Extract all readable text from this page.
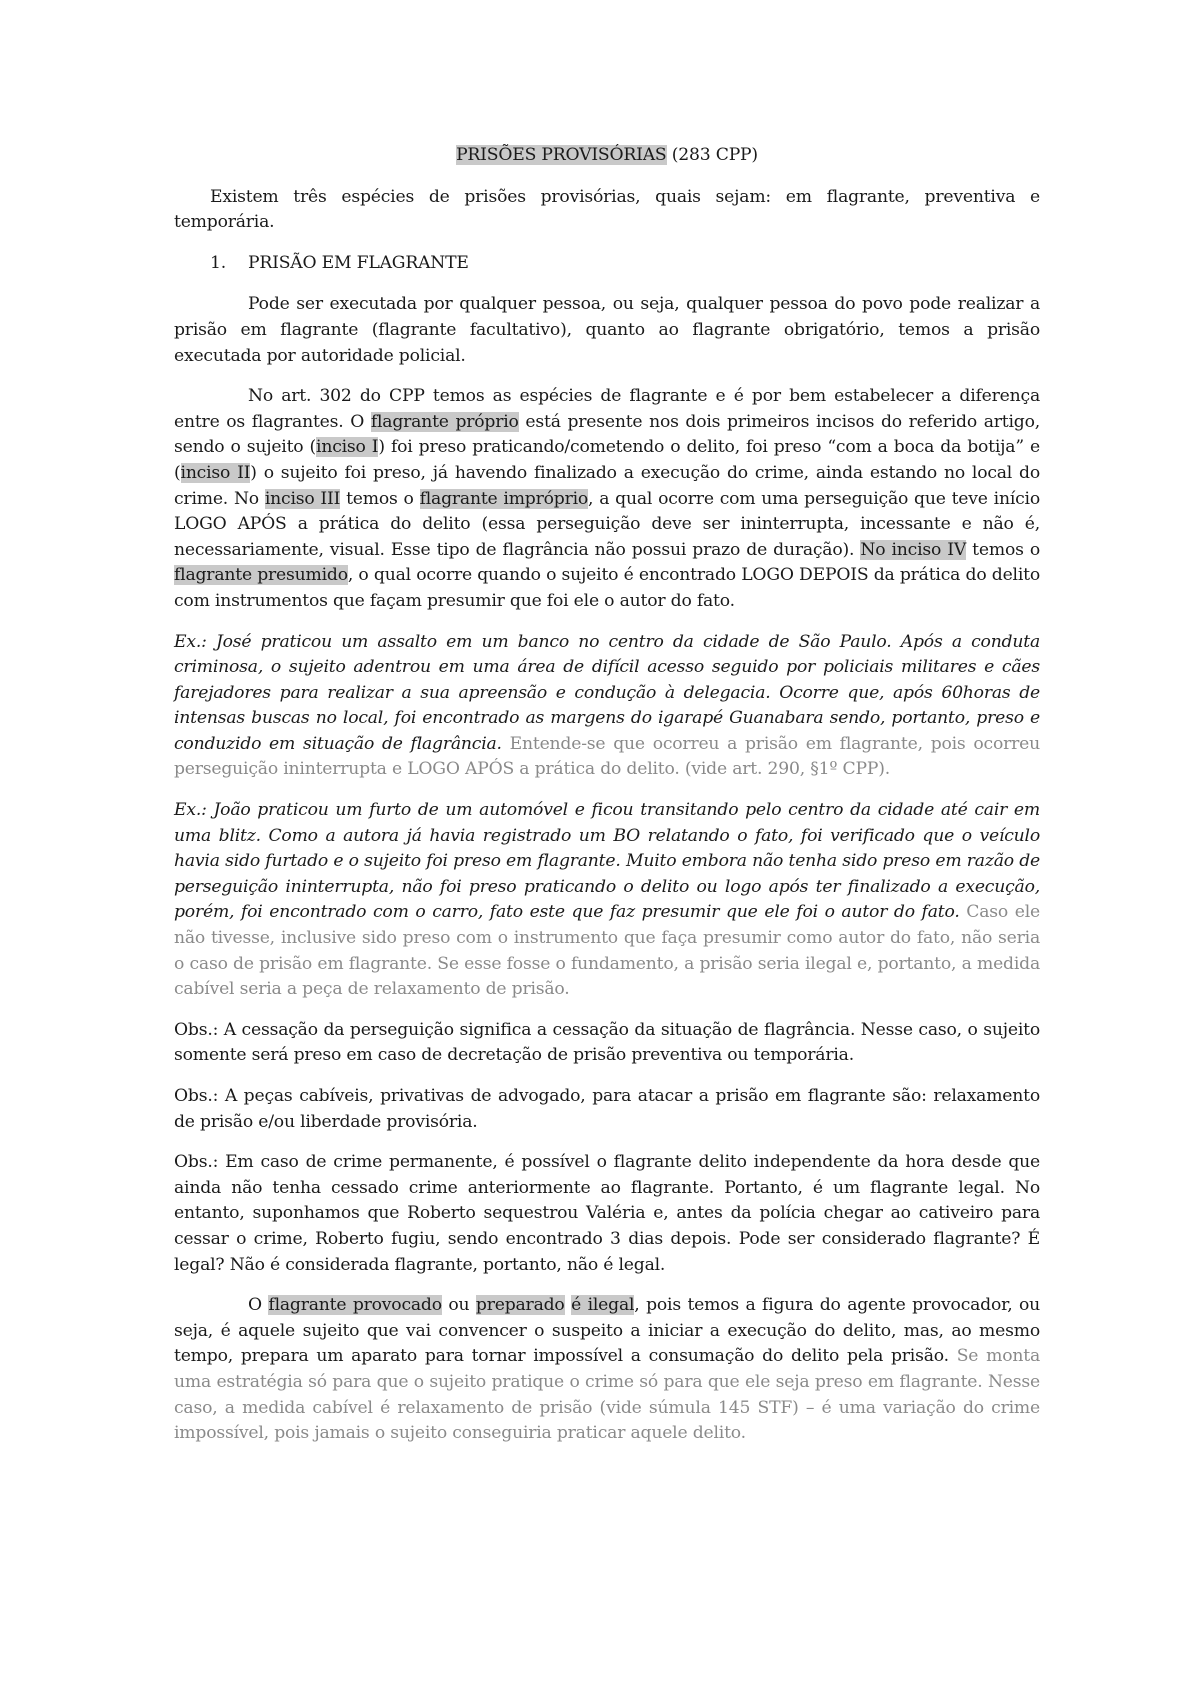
PRISÕES PROVISÓRIAS (283 CPP)

Existem três espécies de prisões provisórias, quais sejam: em flagrante, preventiva e temporária.

1.	PRISÃO EM FLAGRANTE

Pode ser executada por qualquer pessoa, ou seja, qualquer pessoa do povo pode realizar a prisão em flagrante (flagrante facultativo), quanto ao flagrante obrigatório, temos a prisão executada por autoridade policial.

No art. 302 do CPP temos as espécies de flagrante e é por bem estabelecer a diferença entre os flagrantes. O flagrante próprio está presente nos dois primeiros incisos do referido artigo, sendo o sujeito (inciso I) foi preso praticando/cometendo o delito, foi preso “com a boca da botija” e (inciso II) o sujeito foi preso, já havendo finalizado a execução do crime, ainda estando no local do crime. No inciso III temos o flagrante impróprio, a qual ocorre com uma perseguição que teve início LOGO APÓS a prática do delito (essa perseguição deve ser ininterrupta, incessante e não é, necessariamente, visual. Esse tipo de flagrância não possui prazo de duração). No inciso IV temos o flagrante presumido, o qual ocorre quando o sujeito é encontrado LOGO DEPOIS da prática do delito com instrumentos que façam presumir que foi ele o autor do fato.

Ex.: José praticou um assalto em um banco no centro da cidade de São Paulo. Após a conduta criminosa, o sujeito adentrou em uma área de difícil acesso seguido por policiais militares e cães farejadores para realizar a sua apreensão e condução à delegacia. Ocorre que, após 60horas de intensas buscas no local, foi encontrado as margens do igarapé Guanabara sendo, portanto, preso e conduzido em situação de flagrância. Entende-se que ocorreu a prisão em flagrante, pois ocorreu perseguição ininterrupta e LOGO APÓS a prática do delito. (vide art. 290, §1º CPP).

Ex.: João praticou um furto de um automóvel e ficou transitando pelo centro da cidade até cair em uma blitz. Como a autora já havia registrado um BO relatando o fato, foi verificado que o veículo havia sido furtado e o sujeito foi preso em flagrante. Muito embora não tenha sido preso em razão de perseguição ininterrupta, não foi preso praticando o delito ou logo após ter finalizado a execução, porém, foi encontrado com o carro, fato este que faz presumir que ele foi o autor do fato. Caso ele não tivesse, inclusive sido preso com o instrumento que faça presumir como autor do fato, não seria o caso de prisão em flagrante. Se esse fosse o fundamento, a prisão seria ilegal e, portanto, a medida cabível seria a peça de relaxamento de prisão.

Obs.: A cessação da perseguição significa a cessação da situação de flagrância. Nesse caso, o sujeito somente será preso em caso de decretação de prisão preventiva ou temporária.

Obs.: A peças cabíveis, privativas de advogado, para atacar a prisão em flagrante são: relaxamento de prisão e/ou liberdade provisória.

Obs.: Em caso de crime permanente, é possível o flagrante delito independente da hora desde que ainda não tenha cessado crime anteriormente ao flagrante. Portanto, é um flagrante legal. No entanto, suponhamos que Roberto sequestrou Valéria e, antes da polícia chegar ao cativeiro para cessar o crime, Roberto fugiu, sendo encontrado 3 dias depois. Pode ser considerado flagrante? É legal? Não é considerada flagrante, portanto, não é legal.

O flagrante provocado ou preparado é ilegal, pois temos a figura do agente provocador, ou seja, é aquele sujeito que vai convencer o suspeito a iniciar a execução do delito, mas, ao mesmo tempo, prepara um aparato para tornar impossível a consumação do delito pela prisão. Se monta uma estratégia só para que o sujeito pratique o crime só para que ele seja preso em flagrante. Nesse caso, a medida cabível é relaxamento de prisão (vide súmula 145 STF) – é uma variação do crime impossível, pois jamais o sujeito conseguiria praticar aquele delito.
